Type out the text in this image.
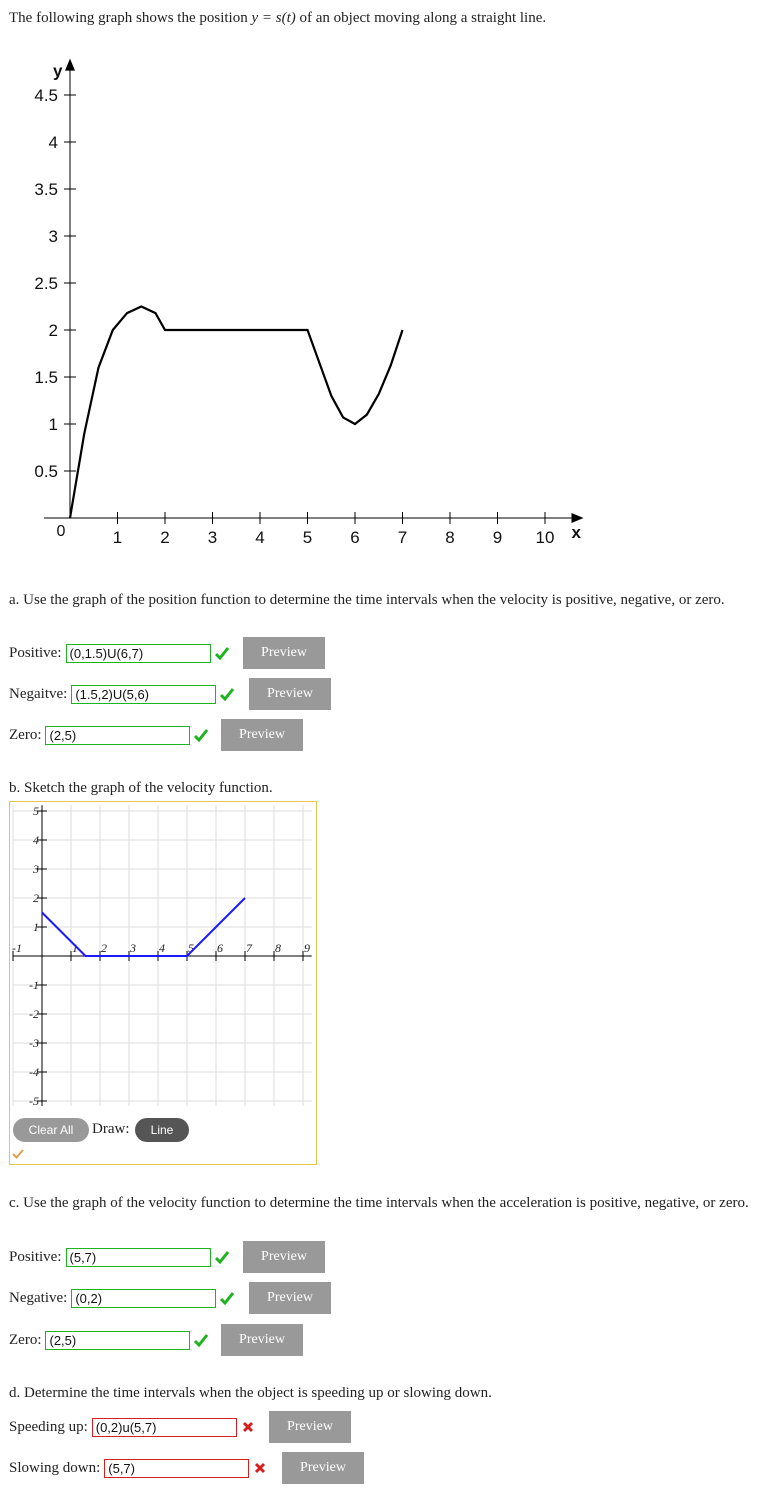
The following graph shows the position y = s(t) of an object moving along a straight line.
1 2 3 4 5 6 7 8 9 10
0.5
1
1.5
2
2.5
3
3.5
4
4.5
0	x
y
a. Use the graph of the position function to determine the time intervals when the velocity is positive, negative, or zero.
Positive: (0,1.5)U(6,7)	Preview
Negaitve: (1.5,2)U(5,6)	Preview
Zero: (2,5)	Preview
b. Sketch the graph of the velocity function.
-1	1 2 3 4 5 6 7 8 9
5
4
3
2
1
-1
-2
-3
-4
-5
Clear All	Draw:	Line
c. Use the graph of the velocity function to determine the time intervals when the acceleration is positive, negative, or zero.
Positive: (5,7)	Preview
Negative: (0,2)	Preview
Zero: (2,5)	Preview
d. Determine the time intervals when the object is speeding up or slowing down.
Speeding up: (0,2)u(5,7)	Preview
Slowing down: (5,7)	Preview
